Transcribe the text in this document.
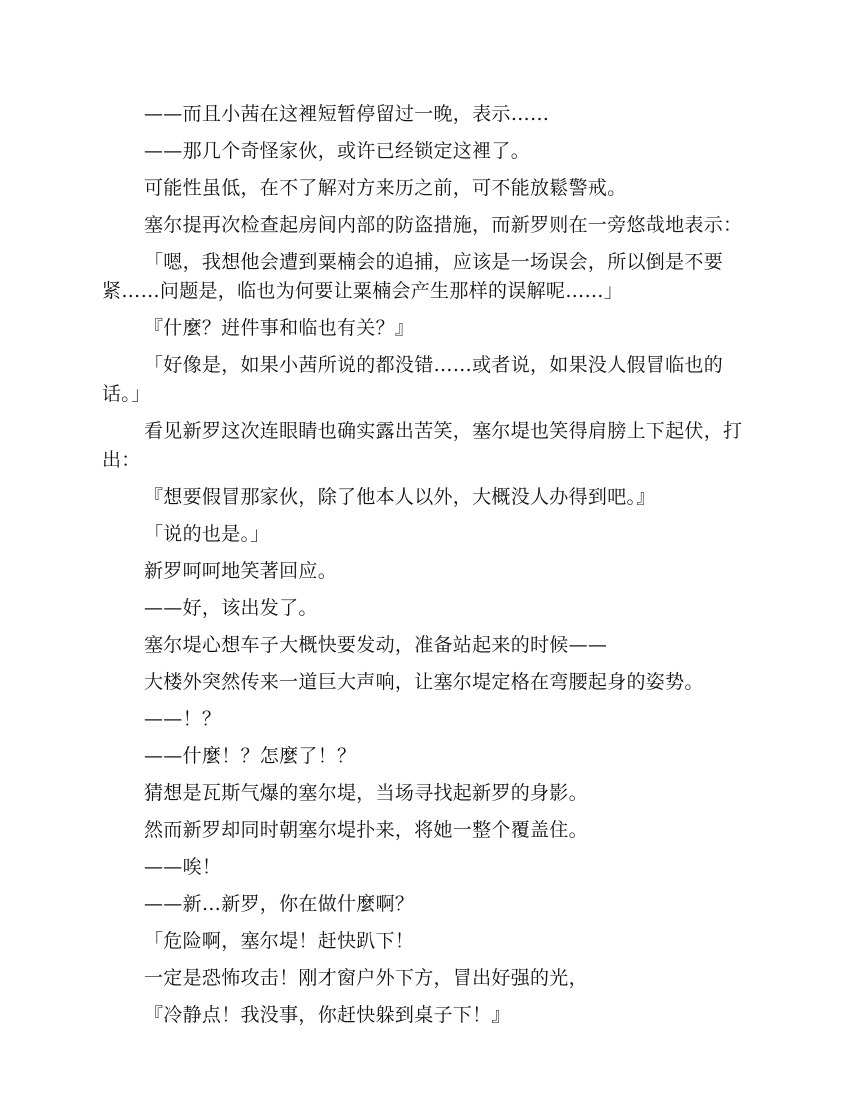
——而且小茜在这裡短暂停留过一晚，表示……

——那几个奇怪家伙，或许已经锁定这裡了。

可能性虽低，在不了解对方来历之前，可不能放鬆警戒。

塞尔提再次检查起房间内部的防盗措施，而新罗则在一旁悠哉地表示：

「嗯，我想他会遭到粟楠会的追捕，应该是一场误会，所以倒是不要紧……问题是，临也为何要让粟楠会产生那样的误解呢……」

『什麼？逬件事和临也有关？』

「好像是，如果小茜所说的都没错……或者说，如果没人假冒临也的话。」

看见新罗这次连眼睛也确实露出苦笑，塞尔堤也笑得肩膀上下起伏，打出：

『想要假冒那家伙，除了他本人以外，大概没人办得到吧。』

「说的也是。」

新罗呵呵地笑著回应。

——好，该出发了。

塞尔堤心想车子大概快要发动，准备站起来的时候——

大楼外突然传来一道巨大声响，让塞尔堤定格在弯腰起身的姿势。

——！？

——什麼！？怎麼了！？

猜想是瓦斯气爆的塞尔堤，当场寻找起新罗的身影。

然而新罗却同时朝塞尔堤扑来，将她一整个覆盖住。

——唉！

——新…新罗，你在做什麼啊？

「危险啊，塞尔堤！赶快趴下！

一定是恐怖攻击！刚才窗户外下方，冒出好强的光，

『冷静点！我没事，你赶快躲到桌子下！』
